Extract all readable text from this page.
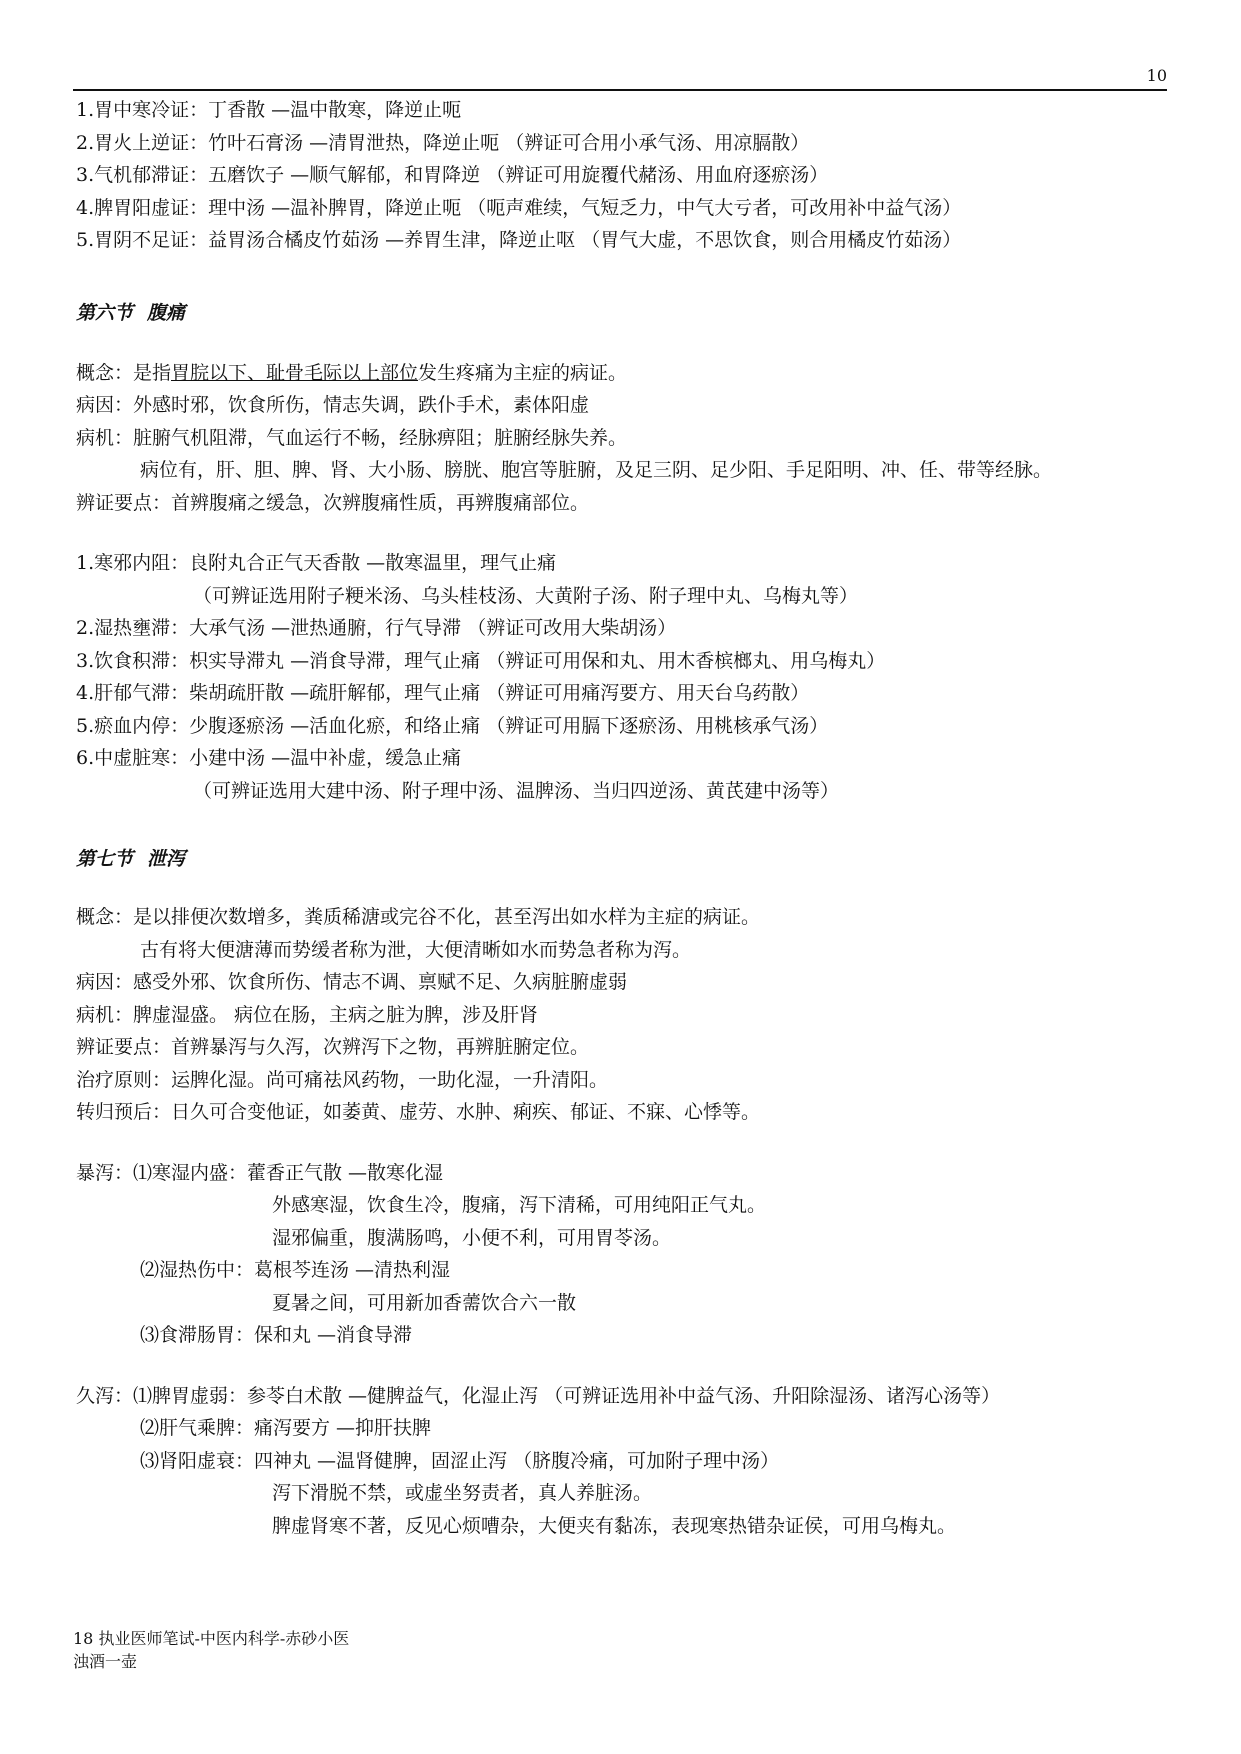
10
1.胃中寒冷证：丁香散 —温中散寒，降逆止呃
2.胃火上逆证：竹叶石膏汤 —清胃泄热，降逆止呃 （辨证可合用小承气汤、用凉膈散）
3.气机郁滞证：五磨饮子 —顺气解郁，和胃降逆 （辨证可用旋覆代赭汤、用血府逐瘀汤）
4.脾胃阳虚证：理中汤 —温补脾胃，降逆止呃 （呃声难续，气短乏力，中气大亏者，可改用补中益气汤）
5.胃阴不足证：益胃汤合橘皮竹茹汤 —养胃生津，降逆止呕 （胃气大虚，不思饮食，则合用橘皮竹茹汤）
第六节 腹痛
概念：是指胃脘以下、耻骨毛际以上部位发生疼痛为主症的病证。
病因：外感时邪，饮食所伤，情志失调，跌仆手术，素体阳虚
病机：脏腑气机阻滞，气血运行不畅，经脉痹阻；脏腑经脉失养。
病位有，肝、胆、脾、肾、大小肠、膀胱、胞宫等脏腑，及足三阴、足少阳、手足阳明、冲、任、带等经脉。
辨证要点：首辨腹痛之缓急，次辨腹痛性质，再辨腹痛部位。
1.寒邪内阻：良附丸合正气天香散 —散寒温里，理气止痛
（可辨证选用附子粳米汤、乌头桂枝汤、大黄附子汤、附子理中丸、乌梅丸等）
2.湿热壅滞：大承气汤 —泄热通腑，行气导滞 （辨证可改用大柴胡汤）
3.饮食积滞：枳实导滞丸 —消食导滞，理气止痛 （辨证可用保和丸、用木香槟榔丸、用乌梅丸）
4.肝郁气滞：柴胡疏肝散 —疏肝解郁，理气止痛 （辨证可用痛泻要方、用天台乌药散）
5.瘀血内停：少腹逐瘀汤 —活血化瘀，和络止痛 （辨证可用膈下逐瘀汤、用桃核承气汤）
6.中虚脏寒：小建中汤 —温中补虚，缓急止痛
（可辨证选用大建中汤、附子理中汤、温脾汤、当归四逆汤、黄芪建中汤等）
第七节 泄泻
概念：是以排便次数增多，粪质稀溏或完谷不化，甚至泻出如水样为主症的病证。
古有将大便溏薄而势缓者称为泄，大便清晰如水而势急者称为泻。
病因：感受外邪、饮食所伤、情志不调、禀赋不足、久病脏腑虚弱
病机：脾虚湿盛。 病位在肠，主病之脏为脾，涉及肝肾
辨证要点：首辨暴泻与久泻，次辨泻下之物，再辨脏腑定位。
治疗原则：运脾化湿。尚可痛祛风药物，一助化湿，一升清阳。
转归预后：日久可合变他证，如萎黄、虚劳、水肿、痢疾、郁证、不寐、心悸等。
暴泻：⑴寒湿内盛：藿香正气散 —散寒化湿
外感寒湿，饮食生冷，腹痛，泻下清稀，可用纯阳正气丸。
湿邪偏重，腹满肠鸣，小便不利，可用胃苓汤。
⑵湿热伤中：葛根芩连汤 —清热利湿
夏暑之间，可用新加香薷饮合六一散
⑶食滞肠胃：保和丸 —消食导滞
久泻：⑴脾胃虚弱：参苓白术散 —健脾益气，化湿止泻 （可辨证选用补中益气汤、升阳除湿汤、诸泻心汤等）
⑵肝气乘脾：痛泻要方 —抑肝扶脾
⑶肾阳虚衰：四神丸 —温肾健脾，固涩止泻 （脐腹冷痛，可加附子理中汤）
泻下滑脱不禁，或虚坐努责者，真人养脏汤。
脾虚肾寒不著，反见心烦嘈杂，大便夹有黏冻，表现寒热错杂证侯，可用乌梅丸。
18 执业医师笔试-中医内科学-赤砂小医
浊酒一壶
